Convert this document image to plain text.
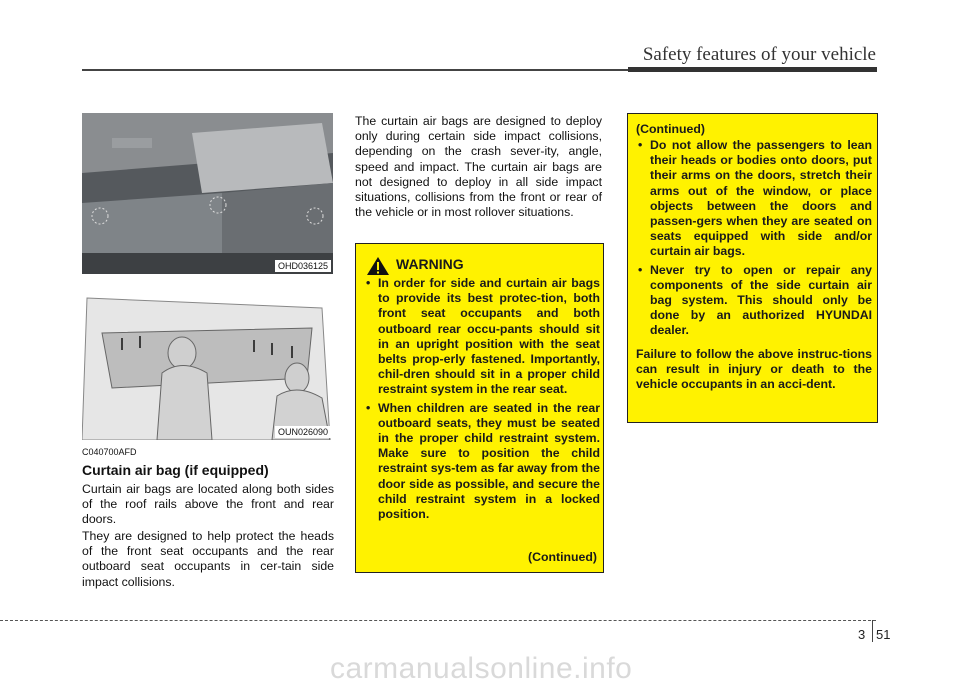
Safety features of your vehicle
OHD036125
OUN026090
C040700AFD
Curtain air bag (if equipped)
Curtain air bags are located along both sides of the roof rails above the front and rear doors.
They are designed to help protect the heads of the front seat occupants and the rear outboard seat occupants in cer-tain side impact collisions.
The curtain air bags are designed to deploy only during certain side impact collisions, depending on the crash sever-ity, angle, speed and impact. The curtain air bags are not designed to deploy in all side impact situations, collisions from the front or rear of the vehicle or in most rollover situations.
WARNING
• In order for side and curtain air bags to provide its best protec-tion, both front seat occupants and both outboard rear occu-pants should sit in an upright position with the seat belts prop-erly fastened. Importantly, chil-dren should sit in a proper child restraint system in the rear seat.
• When children are seated in the rear outboard seats, they must be seated in the proper child restraint system. Make sure to position the child restraint sys-tem as far away from the door side as possible, and secure the child restraint system in a locked position.
(Continued)
(Continued)
• Do not allow the passengers to lean their heads or bodies onto doors, put their arms on the doors, stretch their arms out of the window, or place objects between the doors and passen-gers when they are seated on seats equipped with side and/or curtain air bags.
• Never try to open or repair any components of the side curtain air bag system. This should only be done by an authorized HYUNDAI dealer.
Failure to follow the above instruc-tions can result in injury or death to the vehicle occupants in an acci-dent.
3 51
carmanualsonline.info
